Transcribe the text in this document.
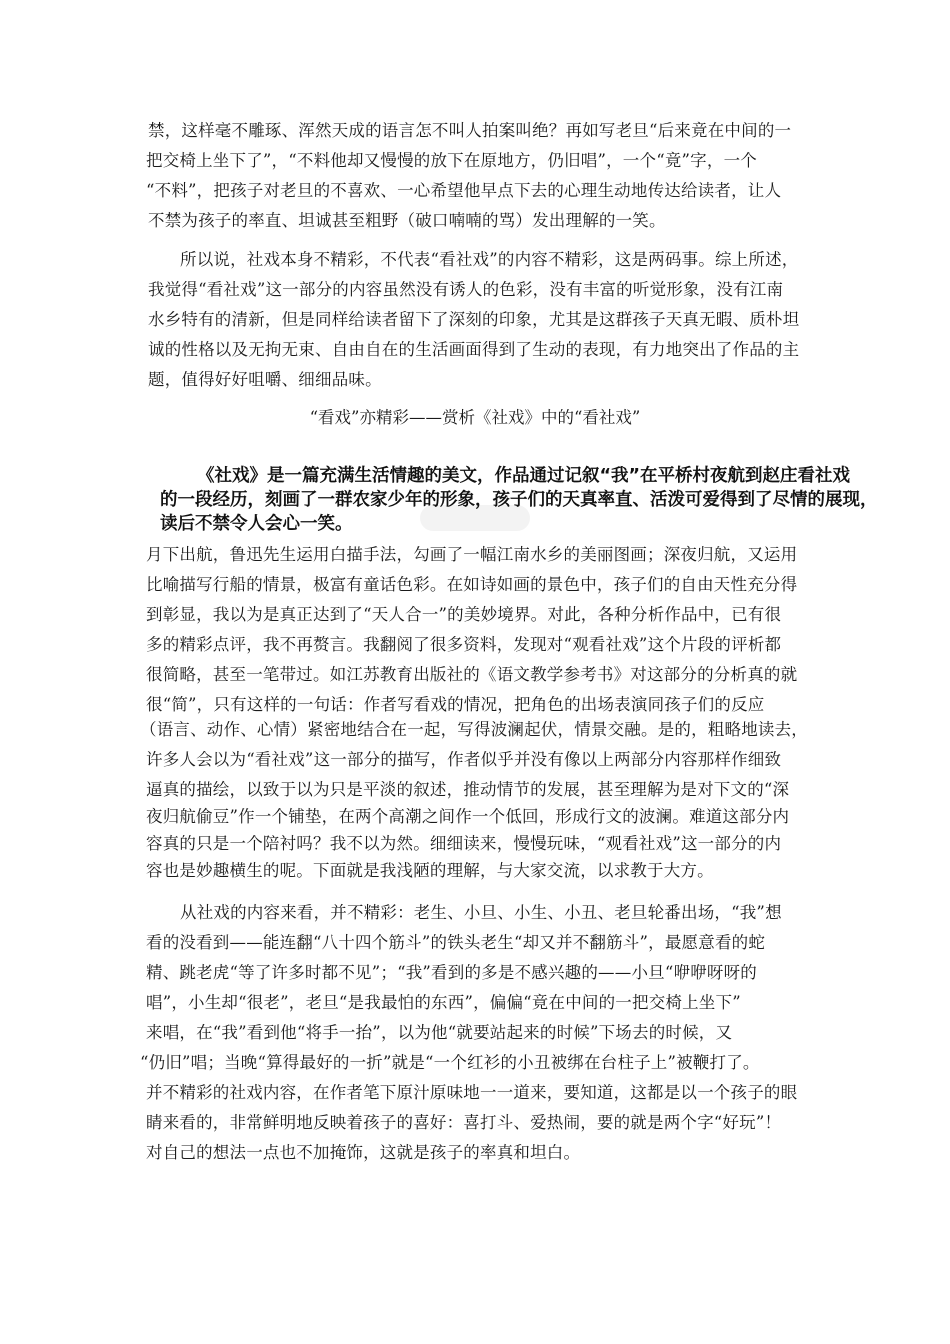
禁，这样毫不雕琢、浑然天成的语言怎不叫人拍案叫绝？再如写老旦“后来竟在中间的一
把交椅上坐下了”，“不料他却又慢慢的放下在原地方，仍旧唱”，一个“竟”字，一个
“不料”，把孩子对老旦的不喜欢、一心希望他早点下去的心理生动地传达给读者，让人
不禁为孩子的率直、坦诚甚至粗野（破口喃喃的骂）发出理解的一笑。
所以说，社戏本身不精彩，不代表“看社戏”的内容不精彩，这是两码事。综上所述，
我觉得“看社戏”这一部分的内容虽然没有诱人的色彩，没有丰富的听觉形象，没有江南
水乡特有的清新，但是同样给读者留下了深刻的印象，尤其是这群孩子天真无暇、质朴坦
诚的性格以及无拘无束、自由自在的生活画面得到了生动的表现，有力地突出了作品的主
题，值得好好咀嚼、细细品味。
“看戏”亦精彩——赏析《社戏》中的“看社戏”
《社戏》是一篇充满生活情趣的美文，作品通过记叙“我”在平桥村夜航到赵庄看社戏
的一段经历，刻画了一群农家少年的形象，孩子们的天真率直、活泼可爱得到了尽情的展现，
读后不禁令人会心一笑。
月下出航，鲁迅先生运用白描手法，勾画了一幅江南水乡的美丽图画；深夜归航，又运用
比喻描写行船的情景，极富有童话色彩。在如诗如画的景色中，孩子们的自由天性充分得
到彰显，我以为是真正达到了“天人合一”的美妙境界。对此，各种分析作品中，已有很
多的精彩点评，我不再赘言。我翻阅了很多资料，发现对“观看社戏”这个片段的评析都
很简略，甚至一笔带过。如江苏教育出版社的《语文教学参考书》对这部分的分析真的就
很“简”，只有这样的一句话：作者写看戏的情况，把角色的出场表演同孩子们的反应
（语言、动作、心情）紧密地结合在一起，写得波澜起伏，情景交融。是的，粗略地读去，
许多人会以为“看社戏”这一部分的描写，作者似乎并没有像以上两部分内容那样作细致
逼真的描绘，以致于以为只是平淡的叙述，推动情节的发展，甚至理解为是对下文的“深
夜归航偷豆”作一个铺垫，在两个高潮之间作一个低回，形成行文的波澜。难道这部分内
容真的只是一个陪衬吗？我不以为然。细细读来，慢慢玩味，“观看社戏”这一部分的内
容也是妙趣横生的呢。下面就是我浅陋的理解，与大家交流，以求教于大方。
从社戏的内容来看，并不精彩：老生、小旦、小生、小丑、老旦轮番出场，“我”想
看的没看到——能连翻“八十四个筋斗”的铁头老生“却又并不翻筋斗”，最愿意看的蛇
精、跳老虎“等了许多时都不见”；“我”看到的多是不感兴趣的——小旦“咿咿呀呀的
唱”，小生却“很老”，老旦“是我最怕的东西”，偏偏“竟在中间的一把交椅上坐下”
来唱，在“我”看到他“将手一抬”，以为他“就要站起来的时候”下场去的时候，又
“仍旧”唱；当晚“算得最好的一折”就是“一个红衫的小丑被绑在台柱子上”被鞭打了。
并不精彩的社戏内容，在作者笔下原汁原味地一一道来，要知道，这都是以一个孩子的眼
睛来看的，非常鲜明地反映着孩子的喜好：喜打斗、爱热闹，要的就是两个字“好玩”！
对自己的想法一点也不加掩饰，这就是孩子的率真和坦白。
